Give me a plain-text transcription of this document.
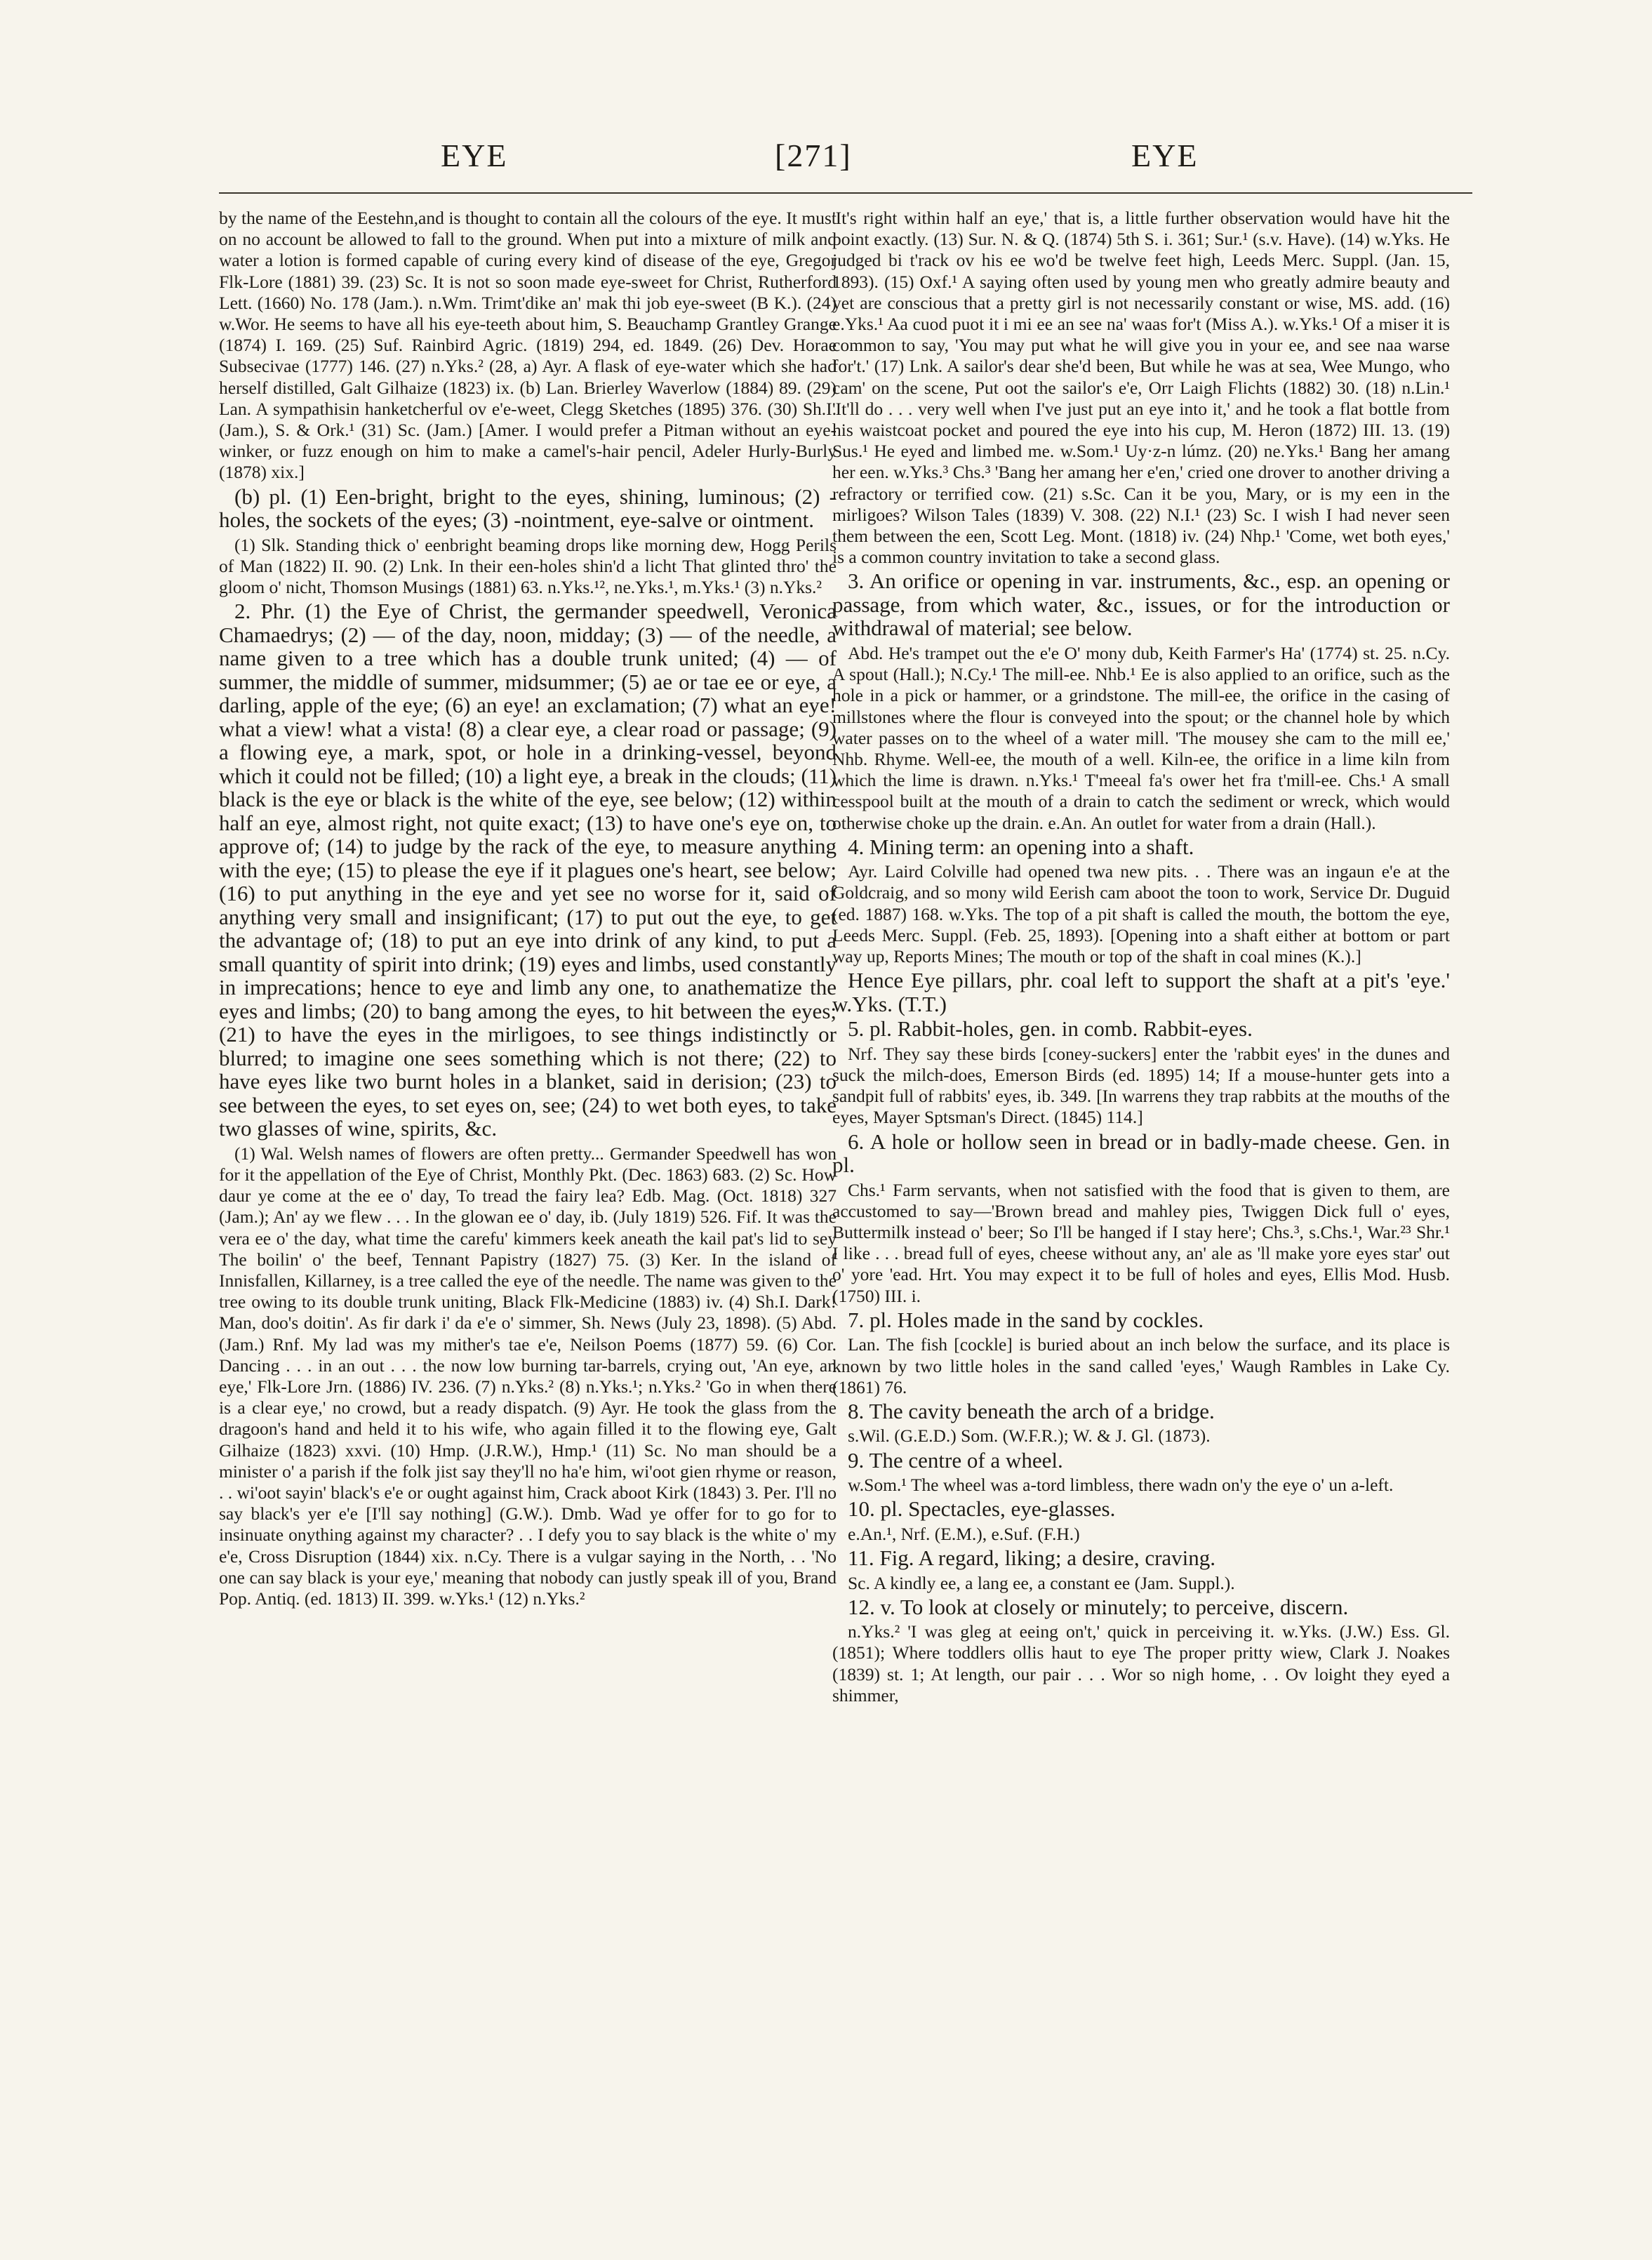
EYE	[271]	EYE

by the name of the Eestehn,and is thought to contain all the colours of the eye. It must on no account be allowed to fall to the ground. When put into a mixture of milk and water a lotion is formed capable of curing every kind of disease of the eye, Gregor Flk-Lore (1881) 39. (23) Sc. It is not so soon made eye-sweet for Christ, Rutherford Lett. (1660) No. 178 (Jam.). n.Wm. Trimt'dike an' mak thi job eye-sweet (B K.). (24) w.Wor. He seems to have all his eye-teeth about him, S. Beauchamp Grantley Grange (1874) I. 169. (25) Suf. Rainbird Agric. (1819) 294, ed. 1849. (26) Dev. Horae Subsecivae (1777) 146. (27) n.Yks.² (28, a) Ayr. A flask of eye-water which she had herself distilled, Galt Gilhaize (1823) ix. (b) Lan. Brierley Waverlow (1884) 89. (29) Lan. A sympathisin hanketcherful ov e'e-weet, Clegg Sketches (1895) 376. (30) Sh.I. (Jam.), S. & Ork.¹ (31) Sc. (Jam.) [Amer. I would prefer a Pitman without an eye-winker, or fuzz enough on him to make a camel's-hair pencil, Adeler Hurly-Burly (1878) xix.]

(b) pl. (1) Een-bright, bright to the eyes, shining, luminous; (2) -holes, the sockets of the eyes; (3) -nointment, eye-salve or ointment.

(1) Slk. Standing thick o' eenbright beaming drops like morning dew, Hogg Perils of Man (1822) II. 90. (2) Lnk. In their een-holes shin'd a licht That glinted thro' the gloom o' nicht, Thomson Musings (1881) 63. n.Yks.¹², ne.Yks.¹, m.Yks.¹ (3) n.Yks.²

2. Phr. (1) the Eye of Christ, the germander speedwell, Veronica Chamaedrys; (2) — of the day, noon, midday; (3) — of the needle, a name given to a tree which has a double trunk united; (4) — of summer, the middle of summer, midsummer; (5) ae or tae ee or eye, a darling, apple of the eye; (6) an eye! an exclamation; (7) what an eye! what a view! what a vista! (8) a clear eye, a clear road or passage; (9) a flowing eye, a mark, spot, or hole in a drinking-vessel, beyond which it could not be filled; (10) a light eye, a break in the clouds; (11) black is the eye or black is the white of the eye, see below; (12) within half an eye, almost right, not quite exact; (13) to have one's eye on, to approve of; (14) to judge by the rack of the eye, to measure anything with the eye; (15) to please the eye if it plagues one's heart, see below; (16) to put anything in the eye and yet see no worse for it, said of anything very small and insignificant; (17) to put out the eye, to get the advantage of; (18) to put an eye into drink of any kind, to put a small quantity of spirit into drink; (19) eyes and limbs, used constantly in imprecations; hence to eye and limb any one, to anathematize the eyes and limbs; (20) to bang among the eyes, to hit between the eyes; (21) to have the eyes in the mirligoes, to see things indistinctly or blurred; to imagine one sees something which is not there; (22) to have eyes like two burnt holes in a blanket, said in derision; (23) to see between the eyes, to set eyes on, see; (24) to wet both eyes, to take two glasses of wine, spirits, &c.

(1) Wal. Welsh names of flowers are often pretty... Germander Speedwell has won for it the appellation of the Eye of Christ, Monthly Pkt. (Dec. 1863) 683. (2) Sc. How daur ye come at the ee o' day, To tread the fairy lea? Edb. Mag. (Oct. 1818) 327 (Jam.); An' ay we flew . . . In the glowan ee o' day, ib. (July 1819) 526. Fif. It was the vera ee o' the day, what time the carefu' kimmers keek aneath the kail pat's lid to sey The boilin' o' the beef, Tennant Papistry (1827) 75. (3) Ker. In the island of Innisfallen, Killarney, is a tree called the eye of the needle. The name was given to the tree owing to its double trunk uniting, Black Flk-Medicine (1883) iv. (4) Sh.I. Dark! Man, doo's doitin'. As fir dark i' da e'e o' simmer, Sh. News (July 23, 1898). (5) Abd. (Jam.) Rnf. My lad was my mither's tae e'e, Neilson Poems (1877) 59. (6) Cor. Dancing . . . in an out . . . the now low burning tar-barrels, crying out, 'An eye, an eye,' Flk-Lore Jrn. (1886) IV. 236. (7) n.Yks.² (8) n.Yks.¹; n.Yks.² 'Go in when there is a clear eye,' no crowd, but a ready dispatch. (9) Ayr. He took the glass from the dragoon's hand and held it to his wife, who again filled it to the flowing eye, Galt Gilhaize (1823) xxvi. (10) Hmp. (J.R.W.), Hmp.¹ (11) Sc. No man should be a minister o' a parish if the folk jist say they'll no ha'e him, wi'oot gien rhyme or reason, . . wi'oot sayin' black's e'e or ought against him, Crack aboot Kirk (1843) 3. Per. I'll no say black's yer e'e [I'll say nothing] (G.W.). Dmb. Wad ye offer for to go for to insinuate onything against my character? . . I defy you to say black is the white o' my e'e, Cross Disruption (1844) xix. n.Cy. There is a vulgar saying in the North, . . 'No one can say black is your eye,' meaning that nobody can justly speak ill of you, Brand Pop. Antiq. (ed. 1813) II. 399. w.Yks.¹ (12) n.Yks.²

'It's right within half an eye,' that is, a little further observation would have hit the point exactly. (13) Sur. N. & Q. (1874) 5th S. i. 361; Sur.¹ (s.v. Have). (14) w.Yks. He judged bi t'rack ov his ee wo'd be twelve feet high, Leeds Merc. Suppl. (Jan. 15, 1893). (15) Oxf.¹ A saying often used by young men who greatly admire beauty and yet are conscious that a pretty girl is not necessarily constant or wise, MS. add. (16) e.Yks.¹ Aa cuod puot it i mi ee an see na' waas for't (Miss A.). w.Yks.¹ Of a miser it is common to say, 'You may put what he will give you in your ee, and see naa warse for't.' (17) Lnk. A sailor's dear she'd been, But while he was at sea, Wee Mungo, who cam' on the scene, Put oot the sailor's e'e, Orr Laigh Flichts (1882) 30. (18) n.Lin.¹ 'It'll do . . . very well when I've just put an eye into it,' and he took a flat bottle from his waistcoat pocket and poured the eye into his cup, M. Heron (1872) III. 13. (19) Sus.¹ He eyed and limbed me. w.Som.¹ Uy·z-n lúmz. (20) ne.Yks.¹ Bang her amang her een. w.Yks.³ Chs.³ 'Bang her amang her e'en,' cried one drover to another driving a refractory or terrified cow. (21) s.Sc. Can it be you, Mary, or is my een in the mirligoes? Wilson Tales (1839) V. 308. (22) N.I.¹ (23) Sc. I wish I had never seen them between the een, Scott Leg. Mont. (1818) iv. (24) Nhp.¹ 'Come, wet both eyes,' is a common country invitation to take a second glass.

3. An orifice or opening in var. instruments, &c., esp. an opening or passage, from which water, &c., issues, or for the introduction or withdrawal of material; see below.

Abd. He's trampet out the e'e O' mony dub, Keith Farmer's Ha' (1774) st. 25. n.Cy. A spout (Hall.); N.Cy.¹ The mill-ee. Nhb.¹ Ee is also applied to an orifice, such as the hole in a pick or hammer, or a grindstone. The mill-ee, the orifice in the casing of millstones where the flour is conveyed into the spout; or the channel hole by which water passes on to the wheel of a water mill. 'The mousey she cam to the mill ee,' Nhb. Rhyme. Well-ee, the mouth of a well. Kiln-ee, the orifice in a lime kiln from which the lime is drawn. n.Yks.¹ T'meeal fa's ower het fra t'mill-ee. Chs.¹ A small cesspool built at the mouth of a drain to catch the sediment or wreck, which would otherwise choke up the drain. e.An. An outlet for water from a drain (Hall.).

4. Mining term: an opening into a shaft.

Ayr. Laird Colville had opened twa new pits. . . There was an ingaun e'e at the Goldcraig, and so mony wild Eerish cam aboot the toon to work, Service Dr. Duguid (ed. 1887) 168. w.Yks. The top of a pit shaft is called the mouth, the bottom the eye, Leeds Merc. Suppl. (Feb. 25, 1893). [Opening into a shaft either at bottom or part way up, Reports Mines; The mouth or top of the shaft in coal mines (K.).]

Hence Eye pillars, phr. coal left to support the shaft at a pit's 'eye.' w.Yks. (T.T.)

5. pl. Rabbit-holes, gen. in comb. Rabbit-eyes.

Nrf. They say these birds [coney-suckers] enter the 'rabbit eyes' in the dunes and suck the milch-does, Emerson Birds (ed. 1895) 14; If a mouse-hunter gets into a sandpit full of rabbits' eyes, ib. 349. [In warrens they trap rabbits at the mouths of the eyes, Mayer Sptsman's Direct. (1845) 114.]

6. A hole or hollow seen in bread or in badly-made cheese. Gen. in pl.

Chs.¹ Farm servants, when not satisfied with the food that is given to them, are accustomed to say—'Brown bread and mahley pies, Twiggen Dick full o' eyes, Buttermilk instead o' beer; So I'll be hanged if I stay here'; Chs.³, s.Chs.¹, War.²³ Shr.¹ I like . . . bread full of eyes, cheese without any, an' ale as 'll make yore eyes star' out o' yore 'ead. Hrt. You may expect it to be full of holes and eyes, Ellis Mod. Husb. (1750) III. i.

7. pl. Holes made in the sand by cockles.

Lan. The fish [cockle] is buried about an inch below the surface, and its place is known by two little holes in the sand called 'eyes,' Waugh Rambles in Lake Cy. (1861) 76.

8. The cavity beneath the arch of a bridge.

s.Wil. (G.E.D.) Som. (W.F.R.); W. & J. Gl. (1873).

9. The centre of a wheel.

w.Som.¹ The wheel was a-tord limbless, there wadn on'y the eye o' un a-left.

10. pl. Spectacles, eye-glasses.

e.An.¹, Nrf. (E.M.), e.Suf. (F.H.)

11. Fig. A regard, liking; a desire, craving.

Sc. A kindly ee, a lang ee, a constant ee (Jam. Suppl.).

12. v. To look at closely or minutely; to perceive, discern.

n.Yks.² 'I was gleg at eeing on't,' quick in perceiving it. w.Yks. (J.W.) Ess. Gl. (1851); Where toddlers ollis haut to eye The proper pritty wiew, Clark J. Noakes (1839) st. 1; At length, our pair . . . Wor so nigh home, . . Ov loight they eyed a shimmer,
